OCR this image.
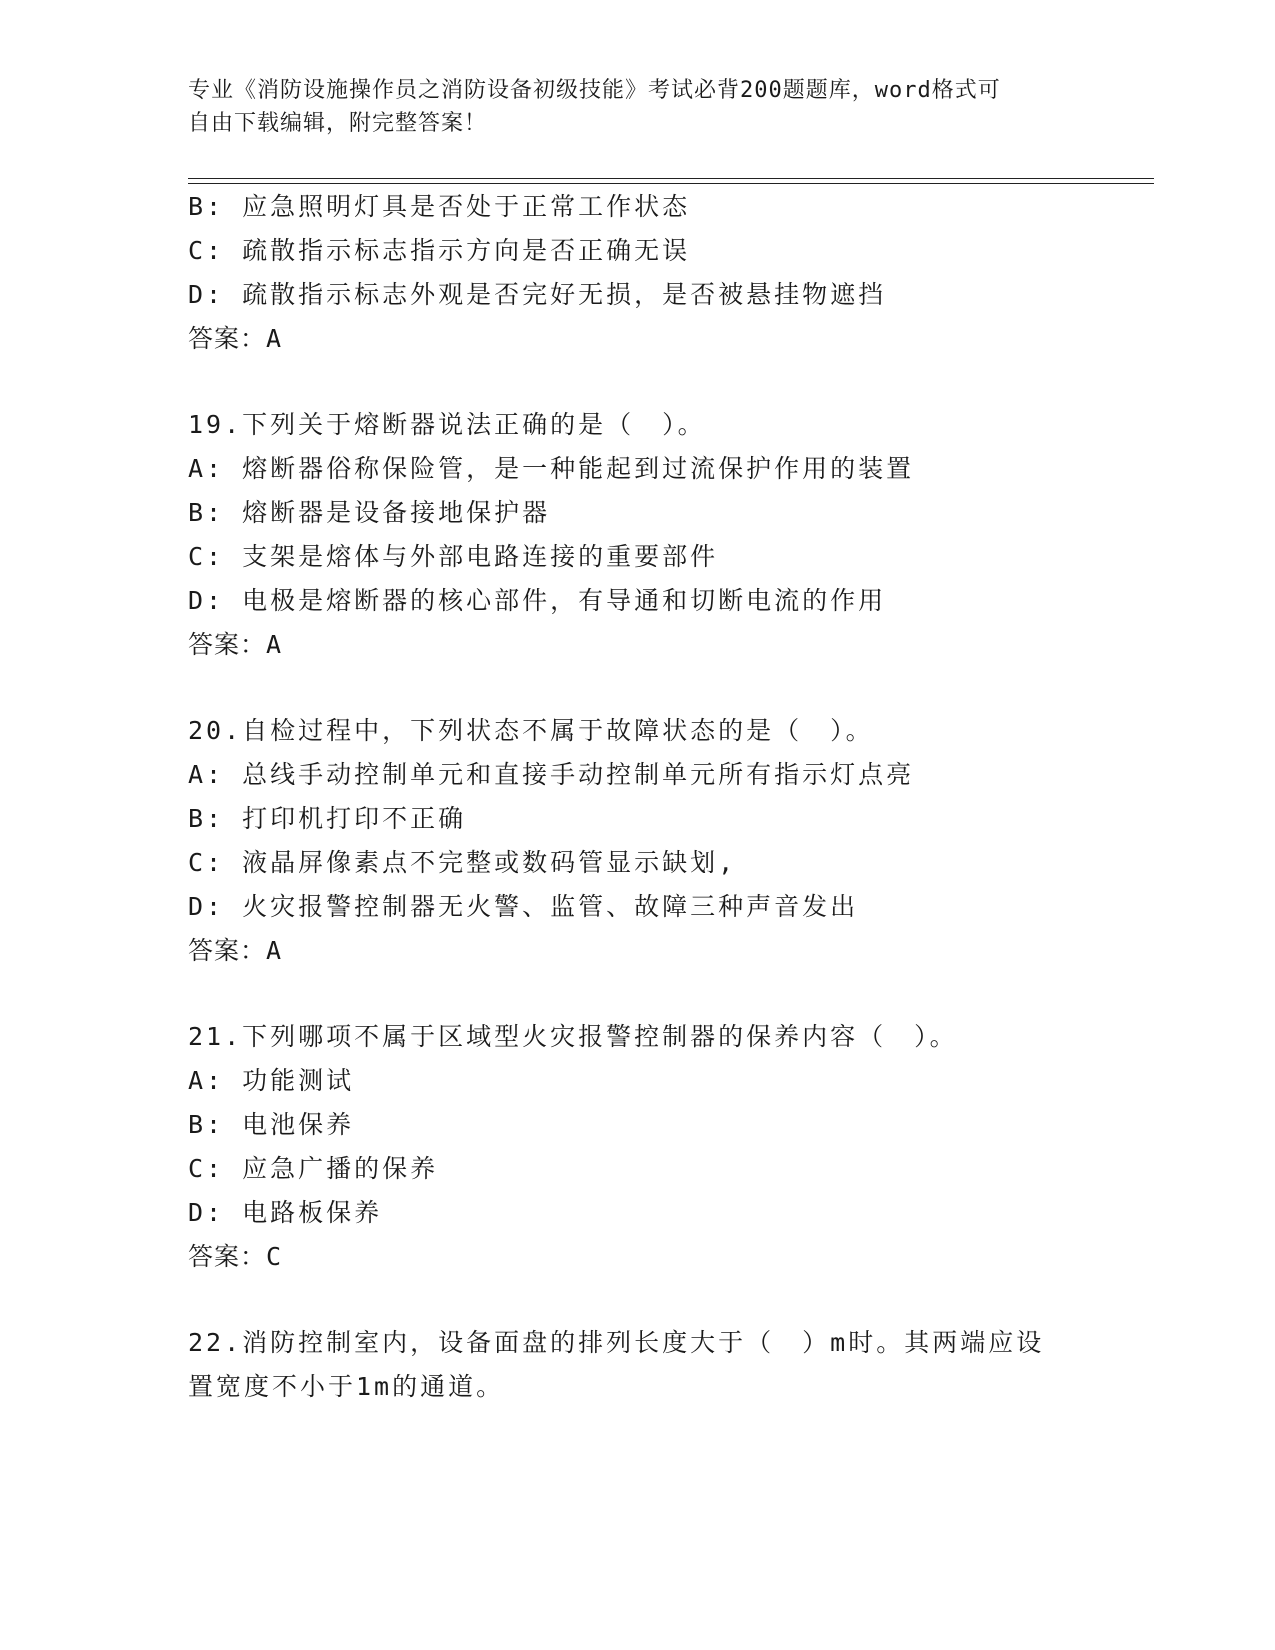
专业《消防设施操作员之消防设备初级技能》考试必背200题题库，word格式可
自由下载编辑，附完整答案！
B: 应急照明灯具是否处于正常工作状态
C: 疏散指示标志指示方向是否正确无误
D: 疏散指示标志外观是否完好无损，是否被悬挂物遮挡
答案：A
19.下列关于熔断器说法正确的是（　）。
A: 熔断器俗称保险管，是一种能起到过流保护作用的装置
B: 熔断器是设备接地保护器
C: 支架是熔体与外部电路连接的重要部件
D: 电极是熔断器的核心部件，有导通和切断电流的作用
答案：A
20.自检过程中，下列状态不属于故障状态的是（　）。
A: 总线手动控制单元和直接手动控制单元所有指示灯点亮
B: 打印机打印不正确
C: 液晶屏像素点不完整或数码管显示缺划,
D: 火灾报警控制器无火警、监管、故障三种声音发出
答案：A
21.下列哪项不属于区域型火灾报警控制器的保养内容（　）。
A: 功能测试
B: 电池保养
C: 应急广播的保养
D: 电路板保养
答案：C
22.消防控制室内，设备面盘的排列长度大于（　）m时。其两端应设
置宽度不小于1m的通道。
